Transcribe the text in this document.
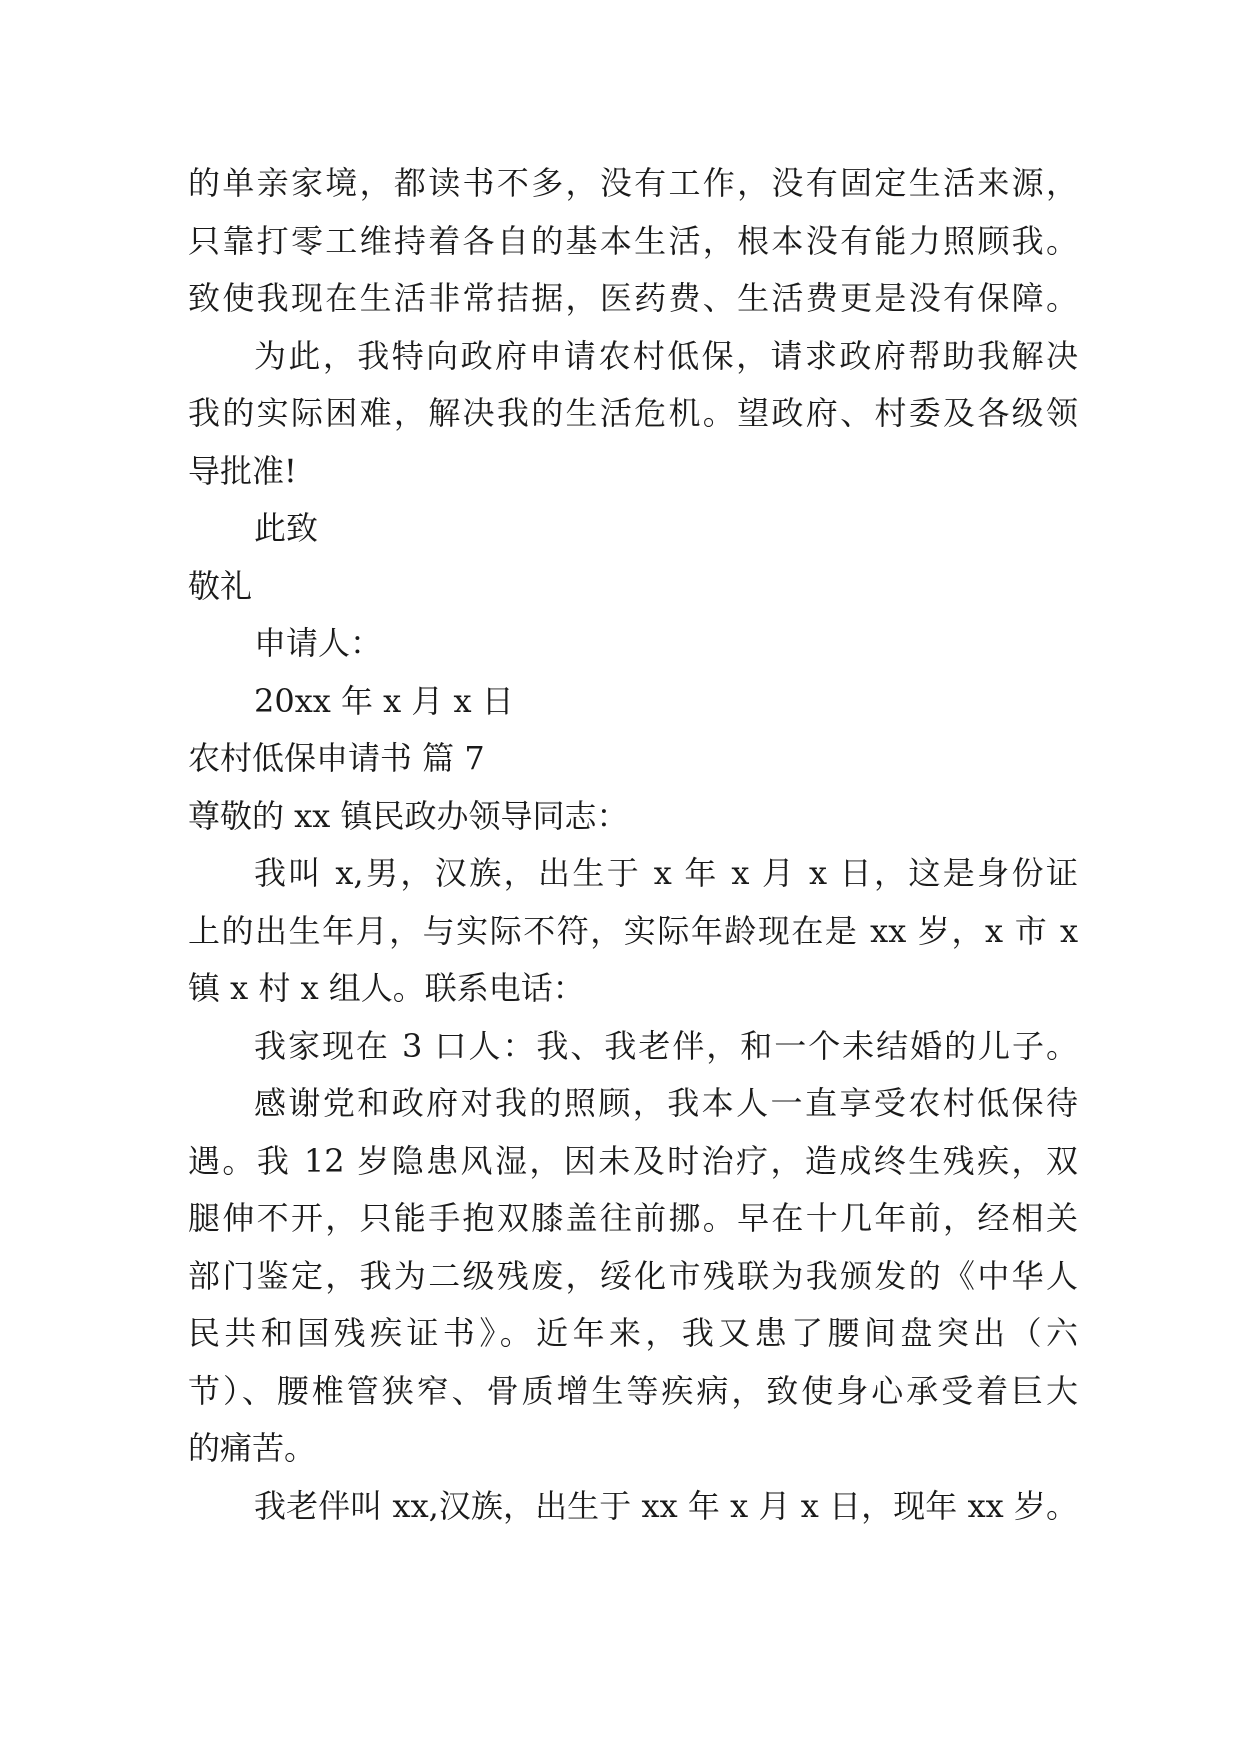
的单亲家境，都读书不多，没有工作，没有固定生活来源，
只靠打零工维持着各自的基本生活，根本没有能力照顾我。
致使我现在生活非常拮据，医药费、生活费更是没有保障。
为此，我特向政府申请农村低保，请求政府帮助我解决
我的实际困难，解决我的生活危机。望政府、村委及各级领
导批准!
此致
敬礼
申请人：
20xx 年 x 月 x 日
农村低保申请书 篇 7
尊敬的 xx 镇民政办领导同志：
我叫 x,男，汉族，出生于 x 年 x 月 x 日，这是身份证
上的出生年月，与实际不符，实际年龄现在是 xx 岁，x 市 x
镇 x 村 x 组人。联系电话：
我家现在 3 口人：我、我老伴，和一个未结婚的儿子。
感谢党和政府对我的照顾，我本人一直享受农村低保待
遇。我 12 岁隐患风湿，因未及时治疗，造成终生残疾，双
腿伸不开，只能手抱双膝盖往前挪。早在十几年前，经相关
部门鉴定，我为二级残废，绥化市残联为我颁发的《中华人
民共和国残疾证书》。近年来，我又患了腰间盘突出（六
节）、腰椎管狭窄、骨质增生等疾病，致使身心承受着巨大
的痛苦。
我老伴叫 xx,汉族，出生于 xx 年 x 月 x 日，现年 xx 岁。
